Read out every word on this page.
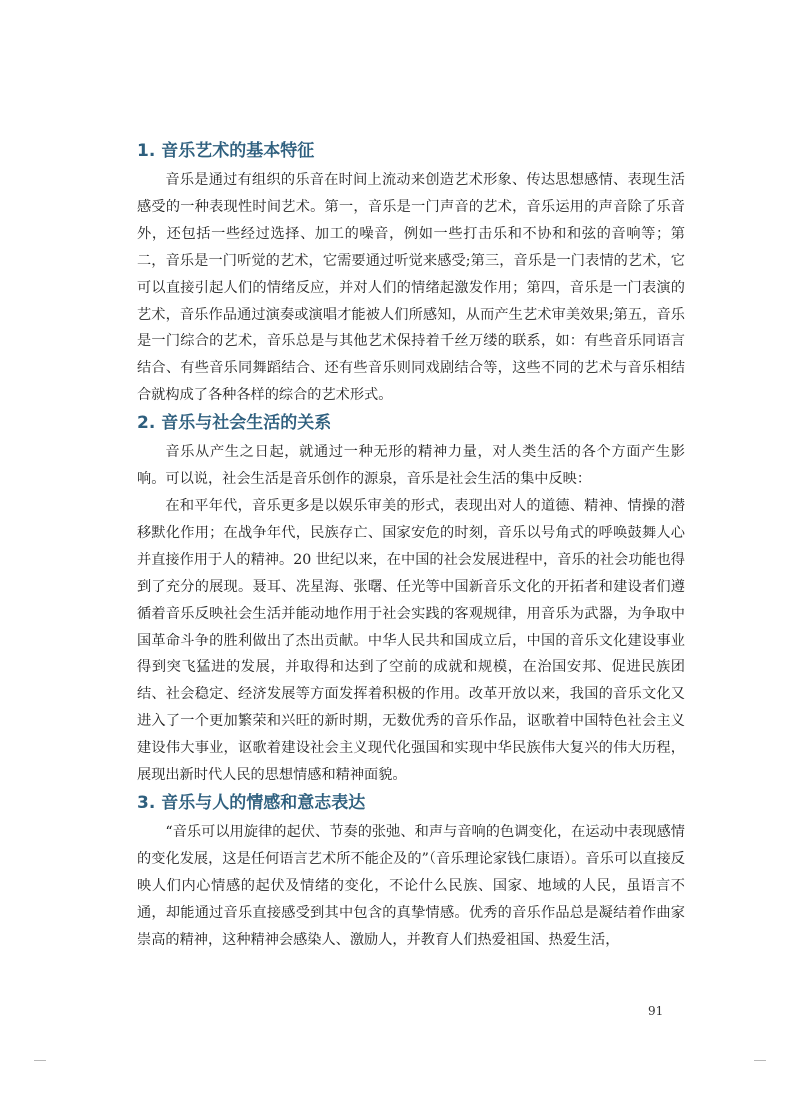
1. 音乐艺术的基本特征

音乐是通过有组织的乐音在时间上流动来创造艺术形象、传达思想感情、表现生活感受的一种表现性时间艺术。第一，音乐是一门声音的艺术，音乐运用的声音除了乐音外，还包括一些经过选择、加工的噪音，例如一些打击乐和不协和和弦的音响等；第二，音乐是一门听觉的艺术，它需要通过听觉来感受;第三，音乐是一门表情的艺术，它可以直接引起人们的情绪反应，并对人们的情绪起激发作用；第四，音乐是一门表演的艺术，音乐作品通过演奏或演唱才能被人们所感知，从而产生艺术审美效果;第五，音乐是一门综合的艺术，音乐总是与其他艺术保持着千丝万缕的联系，如：有些音乐同语言结合、有些音乐同舞蹈结合、还有些音乐则同戏剧结合等，这些不同的艺术与音乐相结合就构成了各种各样的综合的艺术形式。

2. 音乐与社会生活的关系

音乐从产生之日起，就通过一种无形的精神力量，对人类生活的各个方面产生影响。可以说，社会生活是音乐创作的源泉，音乐是社会生活的集中反映：

在和平年代，音乐更多是以娱乐审美的形式，表现出对人的道德、精神、情操的潜移默化作用；在战争年代，民族存亡、国家安危的时刻，音乐以号角式的呼唤鼓舞人心并直接作用于人的精神。20 世纪以来，在中国的社会发展进程中，音乐的社会功能也得到了充分的展现。聂耳、冼星海、张曙、任光等中国新音乐文化的开拓者和建设者们遵循着音乐反映社会生活并能动地作用于社会实践的客观规律，用音乐为武器，为争取中国革命斗争的胜利做出了杰出贡献。中华人民共和国成立后，中国的音乐文化建设事业得到突飞猛进的发展，并取得和达到了空前的成就和规模，在治国安邦、促进民族团结、社会稳定、经济发展等方面发挥着积极的作用。改革开放以来，我国的音乐文化又进入了一个更加繁荣和兴旺的新时期，无数优秀的音乐作品，讴歌着中国特色社会主义建设伟大事业，讴歌着建设社会主义现代化强国和实现中华民族伟大复兴的伟大历程，展现出新时代人民的思想情感和精神面貌。

3. 音乐与人的情感和意志表达

“音乐可以用旋律的起伏、节奏的张弛、和声与音响的色调变化，在运动中表现感情的变化发展，这是任何语言艺术所不能企及的”（音乐理论家钱仁康语）。音乐可以直接反映人们内心情感的起伏及情绪的变化，不论什么民族、国家、地域的人民，虽语言不通，却能通过音乐直接感受到其中包含的真挚情感。优秀的音乐作品总是凝结着作曲家崇高的精神，这种精神会感染人、激励人，并教育人们热爱祖国、热爱生活，

91
